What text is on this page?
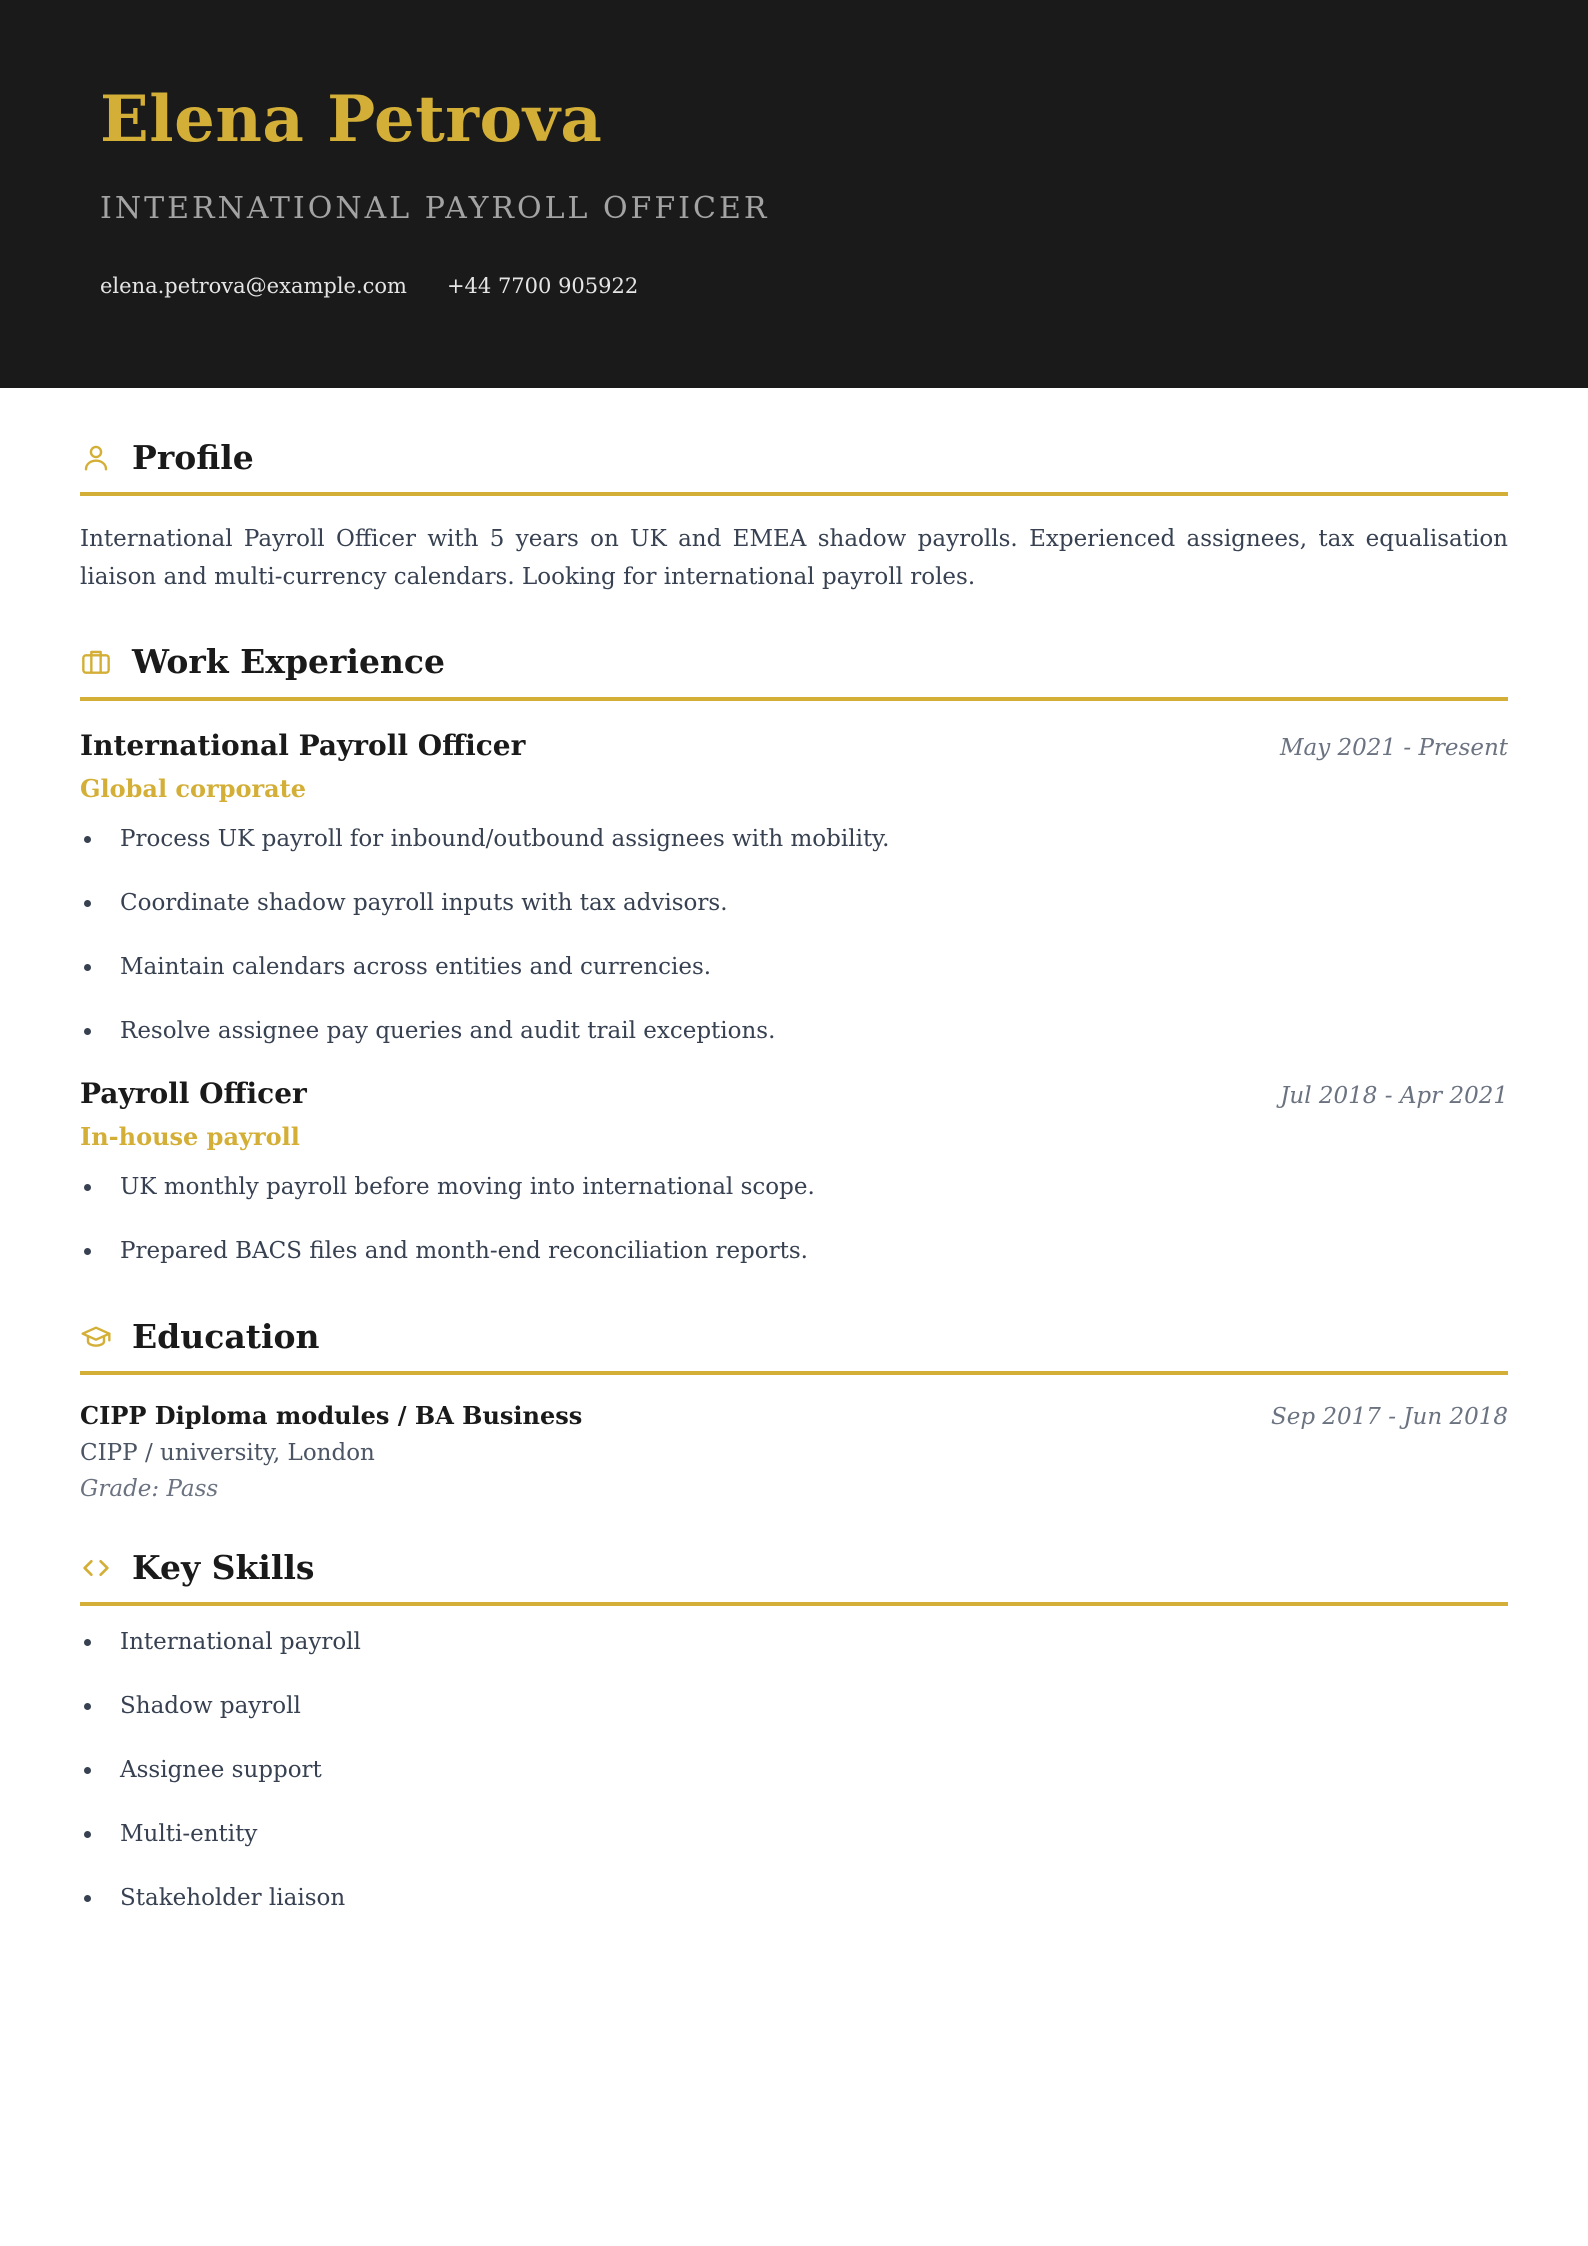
Elena Petrova
INTERNATIONAL PAYROLL OFFICER
elena.petrova@example.com +44 7700 905922
Profile
International Payroll Officer with 5 years on UK and EMEA shadow payrolls. Experienced assignees, tax equalisation liaison and multi-currency calendars. Looking for international payroll roles.
Work Experience
International Payroll Officer	May 2021 - Present
Global corporate
Process UK payroll for inbound/outbound assignees with mobility.
Coordinate shadow payroll inputs with tax advisors.
Maintain calendars across entities and currencies.
Resolve assignee pay queries and audit trail exceptions.
Payroll Officer	Jul 2018 - Apr 2021
In-house payroll
UK monthly payroll before moving into international scope.
Prepared BACS files and month-end reconciliation reports.
Education
CIPP Diploma modules / BA Business	Sep 2017 - Jun 2018
CIPP / university, London
Grade: Pass
Key Skills
International payroll
Shadow payroll
Assignee support
Multi-entity
Stakeholder liaison
